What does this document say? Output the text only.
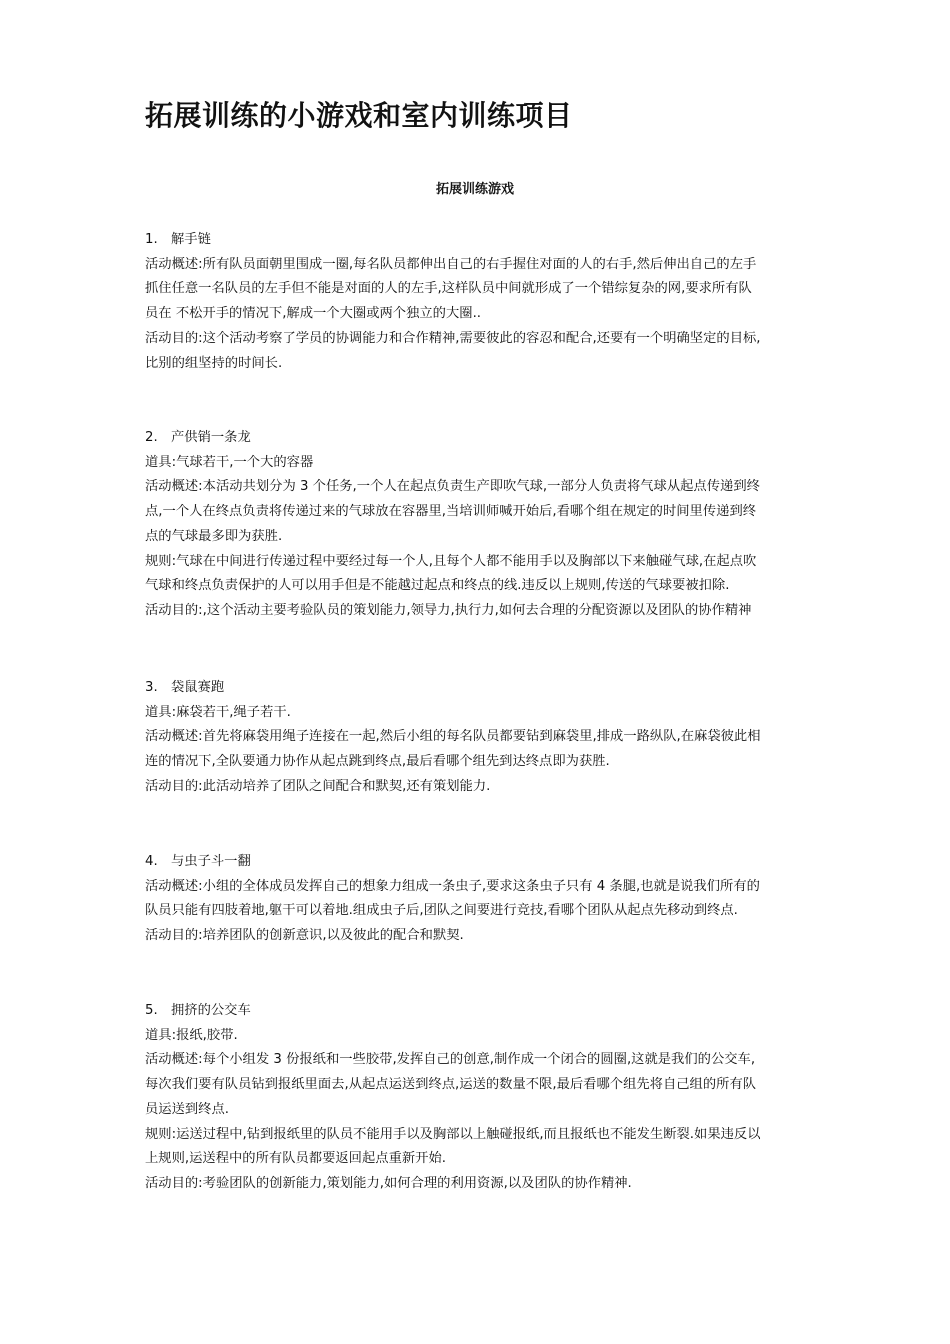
拓展训练的小游戏和室内训练项目
拓展训练游戏

1. 解手链

活动概述:所有队员面朝里围成一圈,每名队员都伸出自己的右手握住对面的人的右手,然后伸出自己的左手

抓住任意一名队员的左手但不能是对面的人的左手,这样队员中间就形成了一个错综复杂的网,要求所有队

员在 不松开手的情况下,解成一个大圈或两个独立的大圈..

活动目的:这个活动考察了学员的协调能力和合作精神,需要彼此的容忍和配合,还要有一个明确坚定的目标,

比别的组坚持的时间长.

2. 产供销一条龙

道具:气球若干,一个大的容器

活动概述:本活动共划分为 3 个任务,一个人在起点负责生产即吹气球,一部分人负责将气球从起点传递到终

点,一个人在终点负责将传递过来的气球放在容器里,当培训师喊开始后,看哪个组在规定的时间里传递到终

点的气球最多即为获胜.

规则:气球在中间进行传递过程中要经过每一个人,且每个人都不能用手以及胸部以下来触碰气球,在起点吹

气球和终点负责保护的人可以用手但是不能越过起点和终点的线.违反以上规则,传送的气球要被扣除.

活动目的:,这个活动主要考验队员的策划能力,领导力,执行力,如何去合理的分配资源以及团队的协作精神

3. 袋鼠赛跑

道具:麻袋若干,绳子若干.

活动概述:首先将麻袋用绳子连接在一起,然后小组的每名队员都要钻到麻袋里,排成一路纵队,在麻袋彼此相

连的情况下,全队要通力协作从起点跳到终点,最后看哪个组先到达终点即为获胜.

活动目的:此活动培养了团队之间配合和默契,还有策划能力.

4. 与虫子斗一翻

活动概述:小组的全体成员发挥自己的想象力组成一条虫子,要求这条虫子只有 4 条腿,也就是说我们所有的

队员只能有四肢着地,躯干可以着地.组成虫子后,团队之间要进行竞技,看哪个团队从起点先移动到终点.

活动目的:培养团队的创新意识,以及彼此的配合和默契.

5. 拥挤的公交车

道具:报纸,胶带.

活动概述:每个小组发 3 份报纸和一些胶带,发挥自己的创意,制作成一个闭合的圆圈,这就是我们的公交车,

每次我们要有队员钻到报纸里面去,从起点运送到终点,运送的数量不限,最后看哪个组先将自己组的所有队

员运送到终点.

规则:运送过程中,钻到报纸里的队员不能用手以及胸部以上触碰报纸,而且报纸也不能发生断裂.如果违反以

上规则,运送程中的所有队员都要返回起点重新开始.

活动目的:考验团队的创新能力,策划能力,如何合理的利用资源,以及团队的协作精神.
